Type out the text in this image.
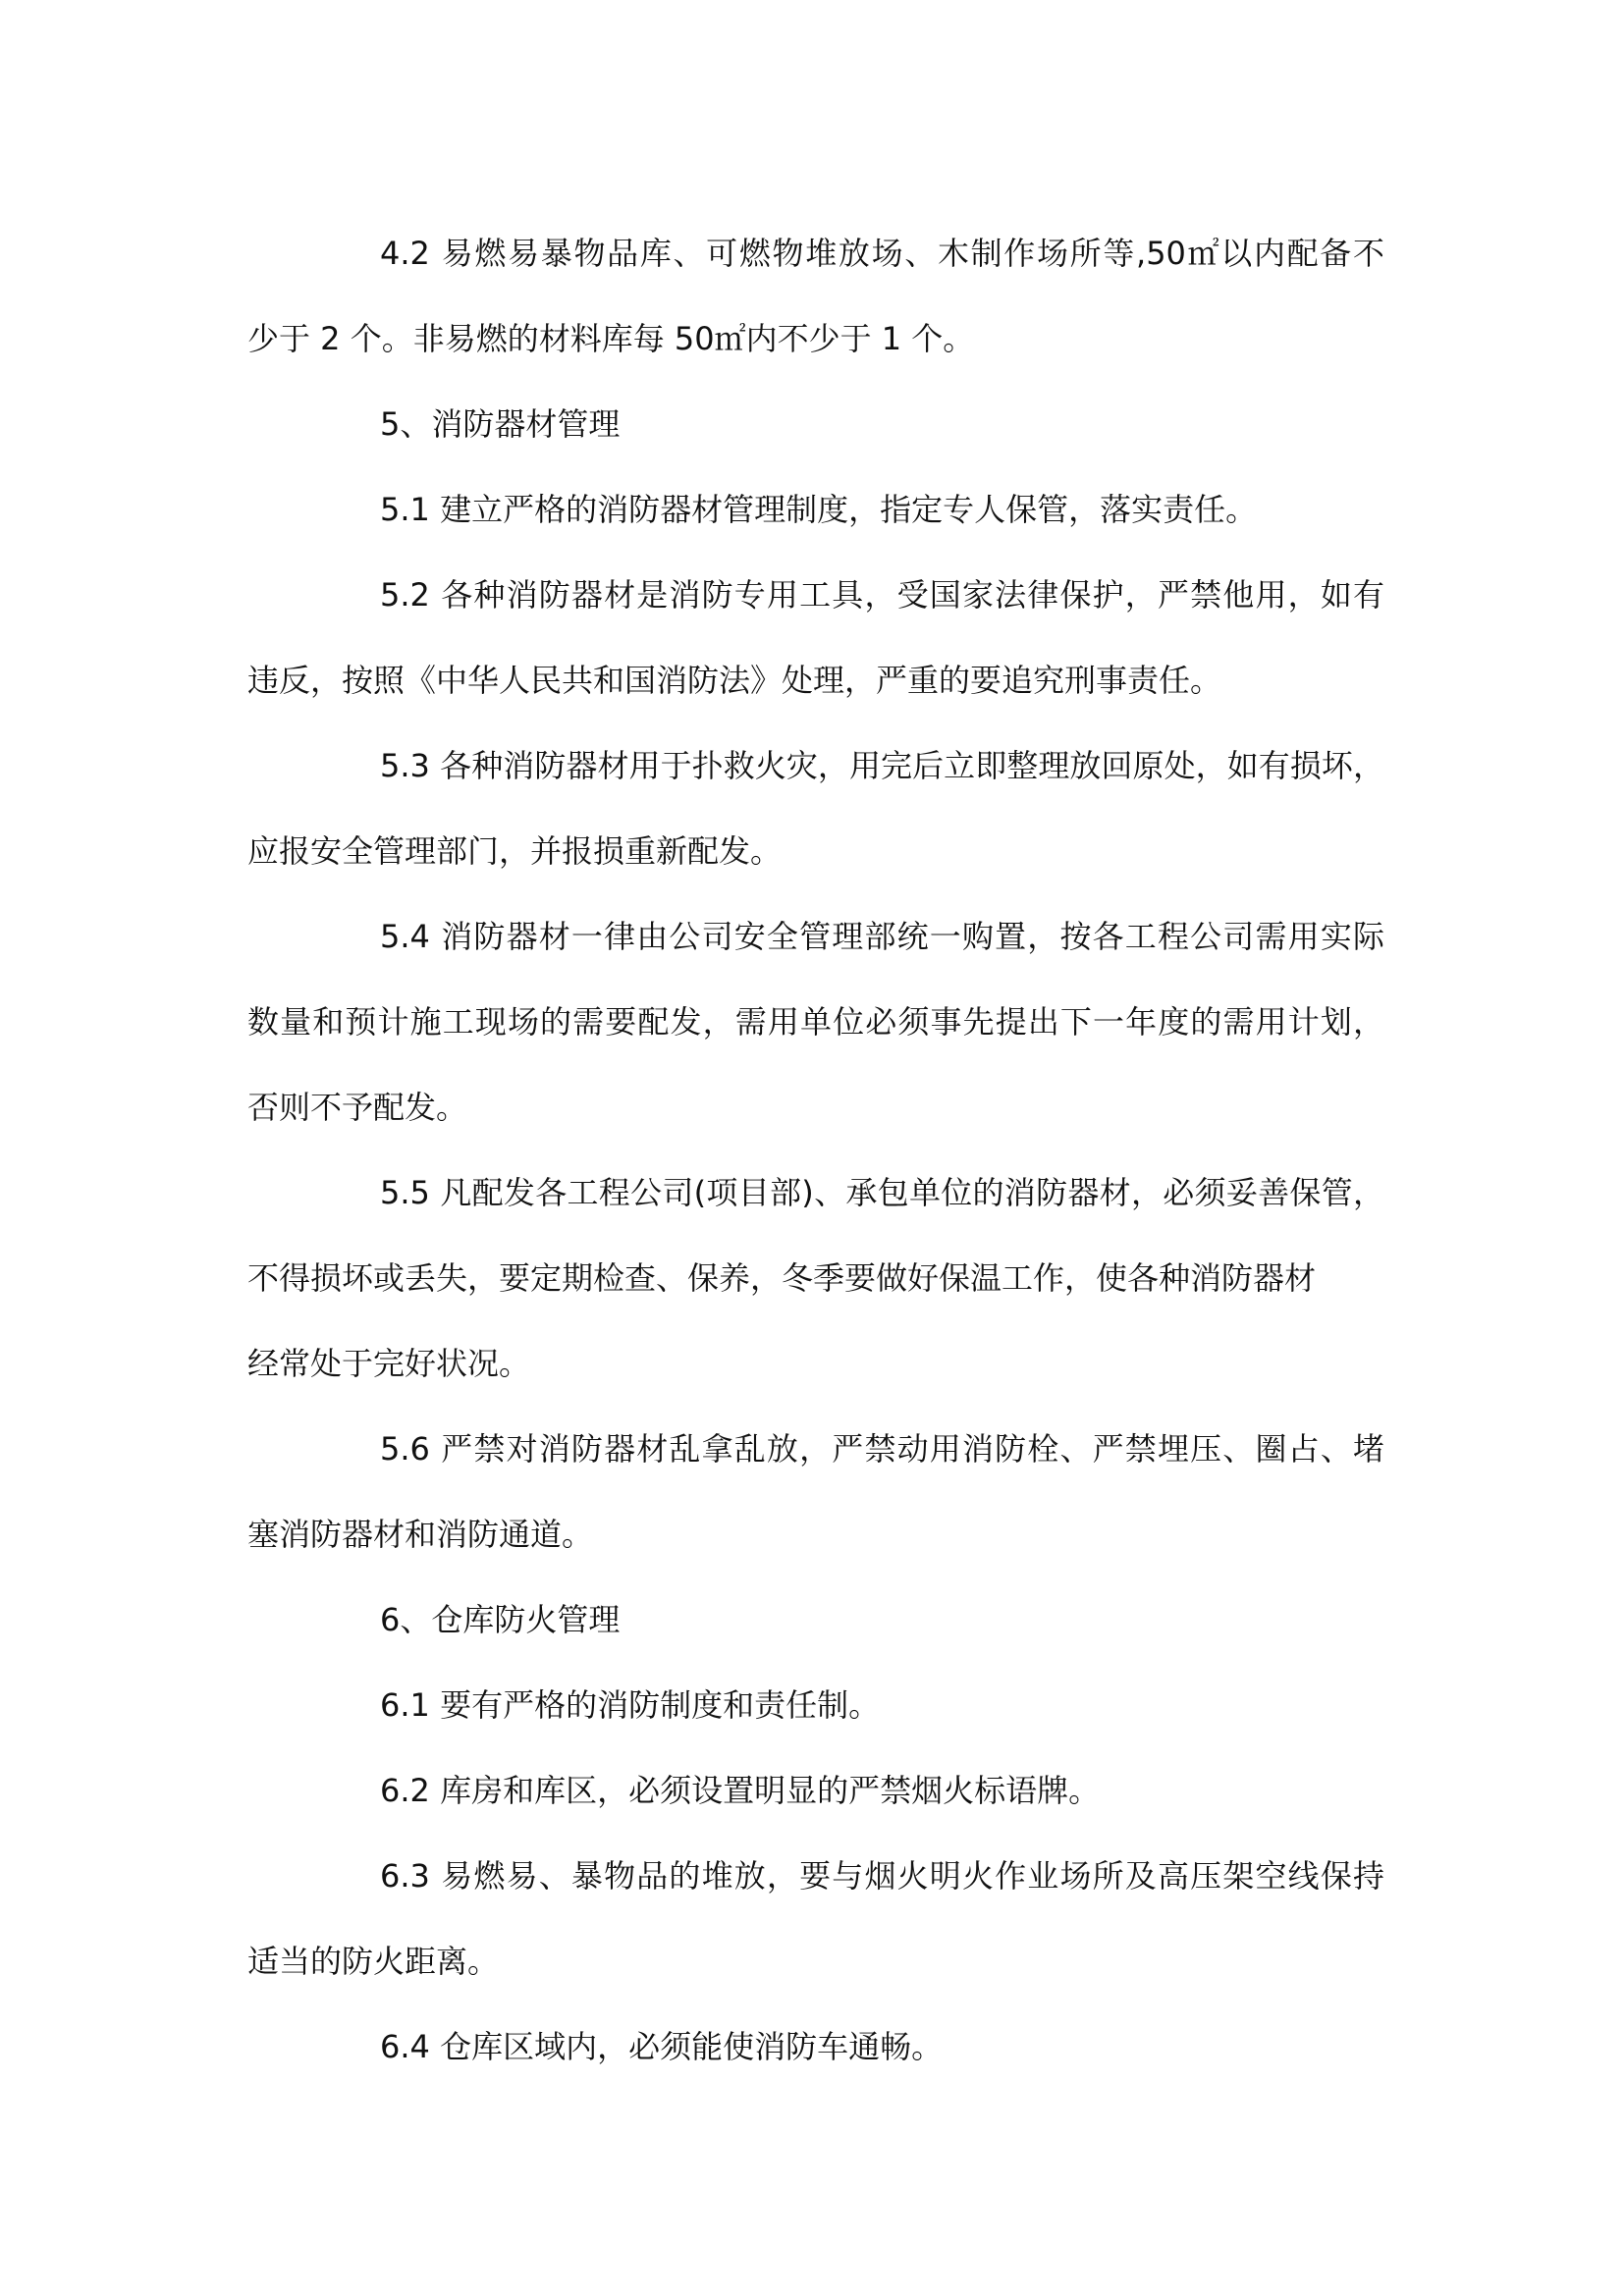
4.2 易燃易暴物品库、可燃物堆放场、木制作场所等,50㎡以内配备不
少于 2 个。非易燃的材料库每 50㎡内不少于 1 个。
5、消防器材管理
5.1 建立严格的消防器材管理制度，指定专人保管，落实责任。
5.2 各种消防器材是消防专用工具，受国家法律保护，严禁他用，如有
违反，按照《中华人民共和国消防法》处理，严重的要追究刑事责任。
5.3 各种消防器材用于扑救火灾，用完后立即整理放回原处，如有损坏，
应报安全管理部门，并报损重新配发。
5.4 消防器材一律由公司安全管理部统一购置，按各工程公司需用实际
数量和预计施工现场的需要配发，需用单位必须事先提出下一年度的需用计划，
否则不予配发。
5.5 凡配发各工程公司(项目部)、承包单位的消防器材，必须妥善保管，
不得损坏或丢失，要定期检查、保养，冬季要做好保温工作，使各种消防器材
经常处于完好状况。
5.6 严禁对消防器材乱拿乱放，严禁动用消防栓、严禁埋压、圈占、堵
塞消防器材和消防通道。
6、仓库防火管理
6.1 要有严格的消防制度和责任制。
6.2 库房和库区，必须设置明显的严禁烟火标语牌。
6.3 易燃易、暴物品的堆放，要与烟火明火作业场所及高压架空线保持
适当的防火距离。
6.4 仓库区域内，必须能使消防车通畅。
